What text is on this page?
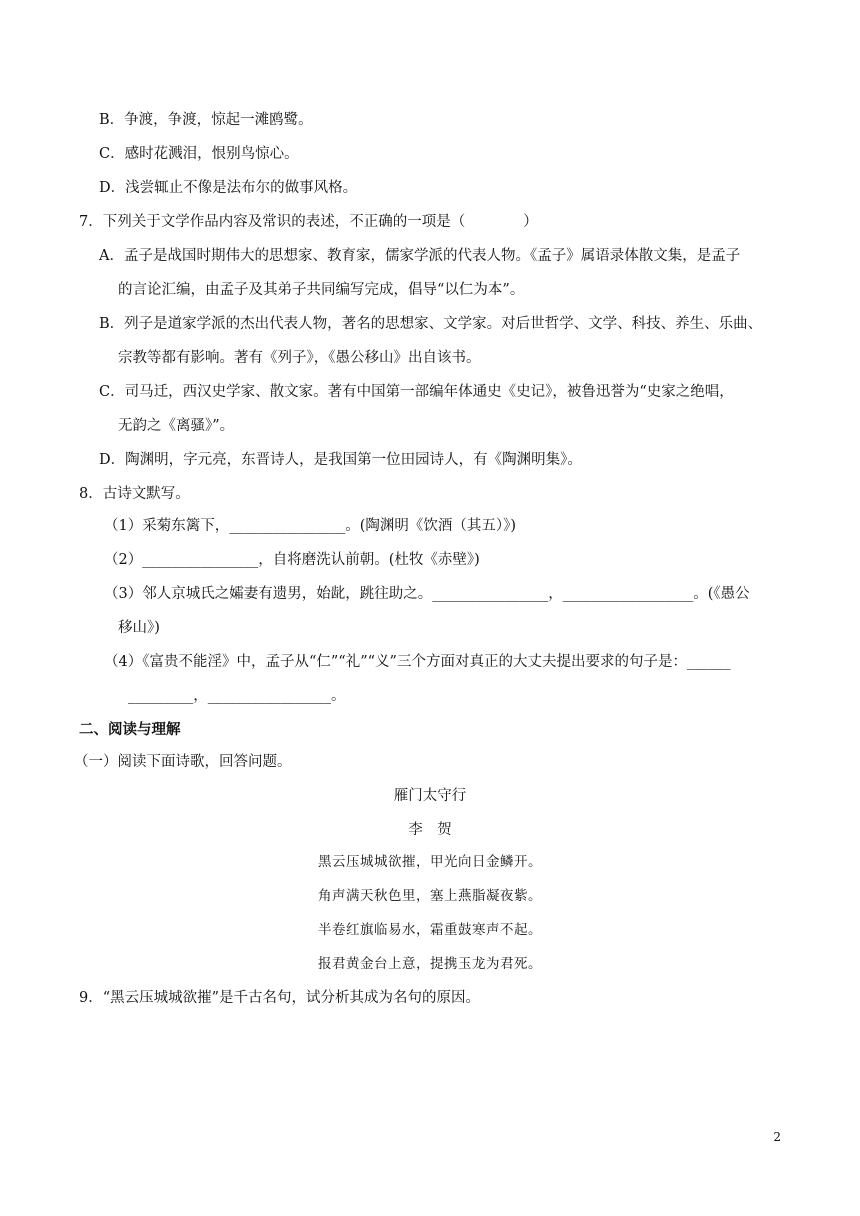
B．争渡，争渡，惊起一滩鸥鹭。
C．感时花溅泪，恨别鸟惊心。
D．浅尝辄止不像是法布尔的做事风格。
7．下列关于文学作品内容及常识的表述，不正确的一项是（　　　　）
A．孟子是战国时期伟大的思想家、教育家，儒家学派的代表人物。《孟子》属语录体散文集，是孟子
的言论汇编，由孟子及其弟子共同编写完成，倡导“以仁为本”。
B．列子是道家学派的杰出代表人物，著名的思想家、文学家。对后世哲学、文学、科技、养生、乐曲、
宗教等都有影响。著有《列子》，《愚公移山》出自该书。
C．司马迁，西汉史学家、散文家。著有中国第一部编年体通史《史记》，被鲁迅誉为“史家之绝唱，
无韵之《离骚》”。
D．陶渊明，字元亮，东晋诗人，是我国第一位田园诗人，有《陶渊明集》。
8．古诗文默写。
（1）采菊东篱下，________________。(陶渊明《饮酒（其五）》)
（2）________________，自将磨洗认前朝。(杜牧《赤壁》)
（3）邻人京城氏之孀妻有遗男，始龀，跳往助之。________________，__________________。(《愚公
移山》)
（4）《富贵不能淫》中，孟子从“仁”“礼”“义”三个方面对真正的大丈夫提出要求的句子是：______
_________，_________________。
二、阅读与理解
（一）阅读下面诗歌，回答问题。
雁门太守行
李　贺
黑云压城城欲摧，甲光向日金鳞开。
角声满天秋色里，塞上燕脂凝夜紫。
半卷红旗临易水，霜重鼓寒声不起。
报君黄金台上意，提携玉龙为君死。
9．“黑云压城城欲摧”是千古名句，试分析其成为名句的原因。
2
